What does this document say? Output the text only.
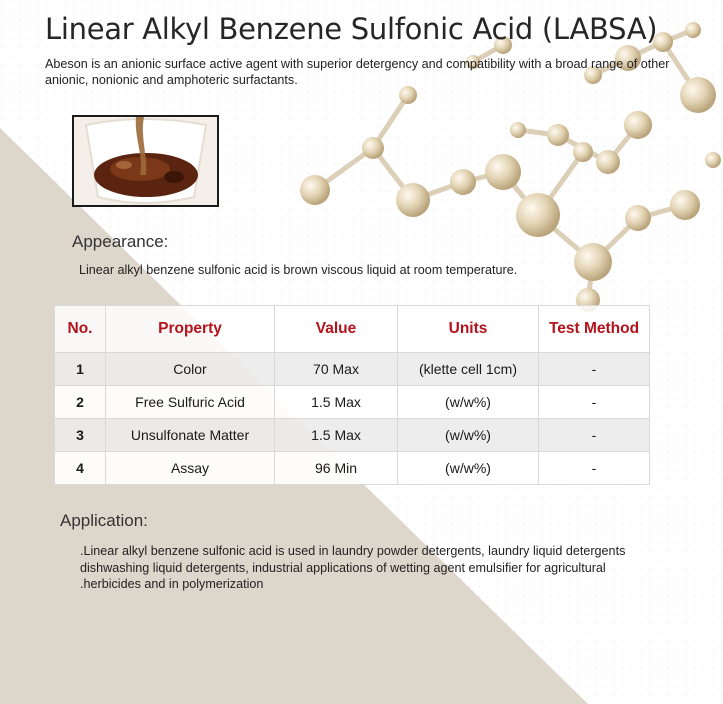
Linear Alkyl Benzene Sulfonic Acid (LABSA)
Abeson is an anionic surface active agent with superior detergency and compatibility with a broad range of other anionic, nonionic and amphoteric surfactants.
Appearance:
Linear alkyl benzene sulfonic acid is brown viscous liquid at room temperature.
No.	Property	Value	Units	Test Method
1	Color	70 Max	(klette cell 1cm)	-
2	Free Sulfuric Acid	1.5 Max	(w/w%)	-
3	Unsulfonate Matter	1.5 Max	(w/w%)	-
4	Assay	96 Min	(w/w%)	-
Application:
.Linear alkyl benzene sulfonic acid is used in laundry powder detergents, laundry liquid detergents dishwashing liquid detergents, industrial applications of wetting agent emulsifier for agricultural .herbicides and in polymerization
